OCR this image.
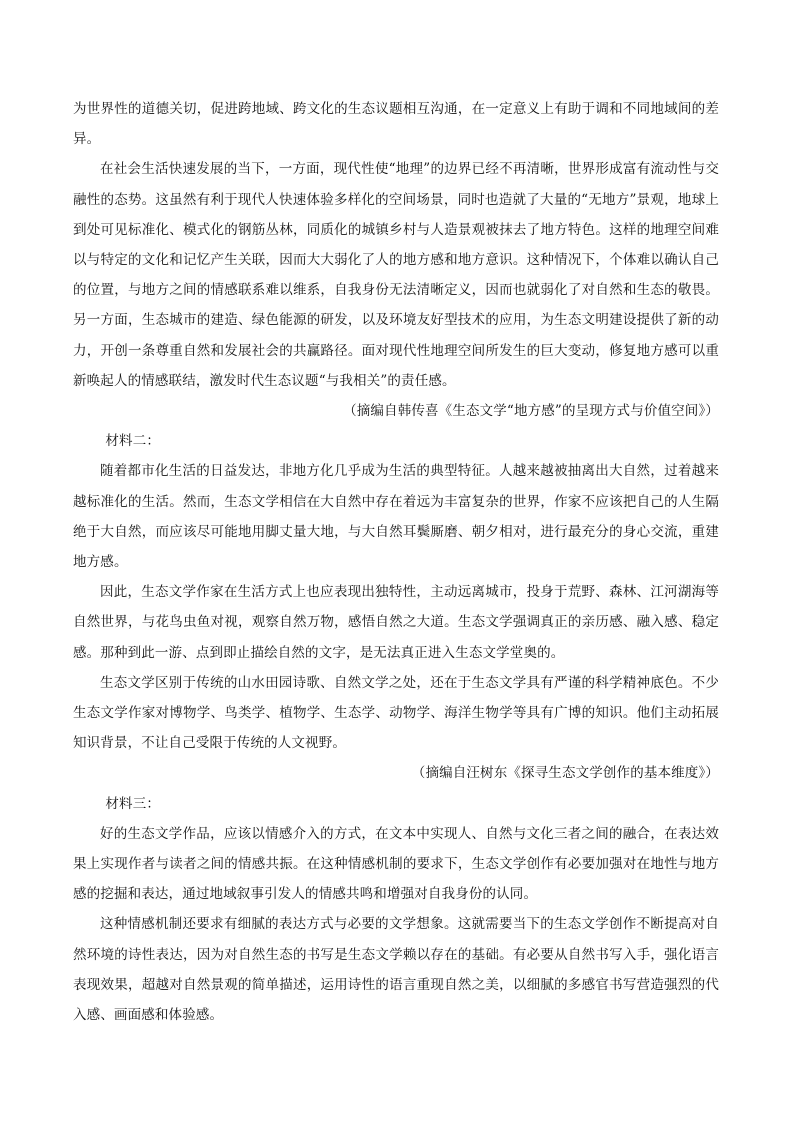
为世界性的道德关切，促进跨地域、跨文化的生态议题相互沟通，在一定意义上有助于调和不同地域间的差异。

在社会生活快速发展的当下，一方面，现代性使“地理”的边界已经不再清晰，世界形成富有流动性与交融性的态势。这虽然有利于现代人快速体验多样化的空间场景，同时也造就了大量的“无地方”景观，地球上到处可见标准化、模式化的钢筋丛林，同质化的城镇乡村与人造景观被抹去了地方特色。这样的地理空间难以与特定的文化和记忆产生关联，因而大大弱化了人的地方感和地方意识。这种情况下，个体难以确认自己的位置，与地方之间的情感联系难以维系，自我身份无法清晰定义，因而也就弱化了对自然和生态的敬畏。另一方面，生态城市的建造、绿色能源的研发，以及环境友好型技术的应用，为生态文明建设提供了新的动力，开创一条尊重自然和发展社会的共赢路径。面对现代性地理空间所发生的巨大变动，修复地方感可以重新唤起人的情感联结，激发时代生态议题“与我相关”的责任感。

（摘编自韩传喜《生态文学“地方感”的呈现方式与价值空间》）

材料二：

随着都市化生活的日益发达，非地方化几乎成为生活的典型特征。人越来越被抽离出大自然，过着越来越标准化的生活。然而，生态文学相信在大自然中存在着远为丰富复杂的世界，作家不应该把自己的人生隔绝于大自然，而应该尽可能地用脚丈量大地，与大自然耳鬓厮磨、朝夕相对，进行最充分的身心交流，重建地方感。

因此，生态文学作家在生活方式上也应表现出独特性，主动远离城市，投身于荒野、森林、江河湖海等自然世界，与花鸟虫鱼对视，观察自然万物，感悟自然之大道。生态文学强调真正的亲历感、融入感、稳定感。那种到此一游、点到即止描绘自然的文字，是无法真正进入生态文学堂奥的。

生态文学区别于传统的山水田园诗歌、自然文学之处，还在于生态文学具有严谨的科学精神底色。不少生态文学作家对博物学、鸟类学、植物学、生态学、动物学、海洋生物学等具有广博的知识。他们主动拓展知识背景，不让自己受限于传统的人文视野。

（摘编自汪树东《探寻生态文学创作的基本维度》）

材料三：

好的生态文学作品，应该以情感介入的方式，在文本中实现人、自然与文化三者之间的融合，在表达效果上实现作者与读者之间的情感共振。在这种情感机制的要求下，生态文学创作有必要加强对在地性与地方感的挖掘和表达，通过地域叙事引发人的情感共鸣和增强对自我身份的认同。

这种情感机制还要求有细腻的表达方式与必要的文学想象。这就需要当下的生态文学创作不断提高对自然环境的诗性表达，因为对自然生态的书写是生态文学赖以存在的基础。有必要从自然书写入手，强化语言表现效果，超越对自然景观的简单描述，运用诗性的语言重现自然之美，以细腻的多感官书写营造强烈的代入感、画面感和体验感。
